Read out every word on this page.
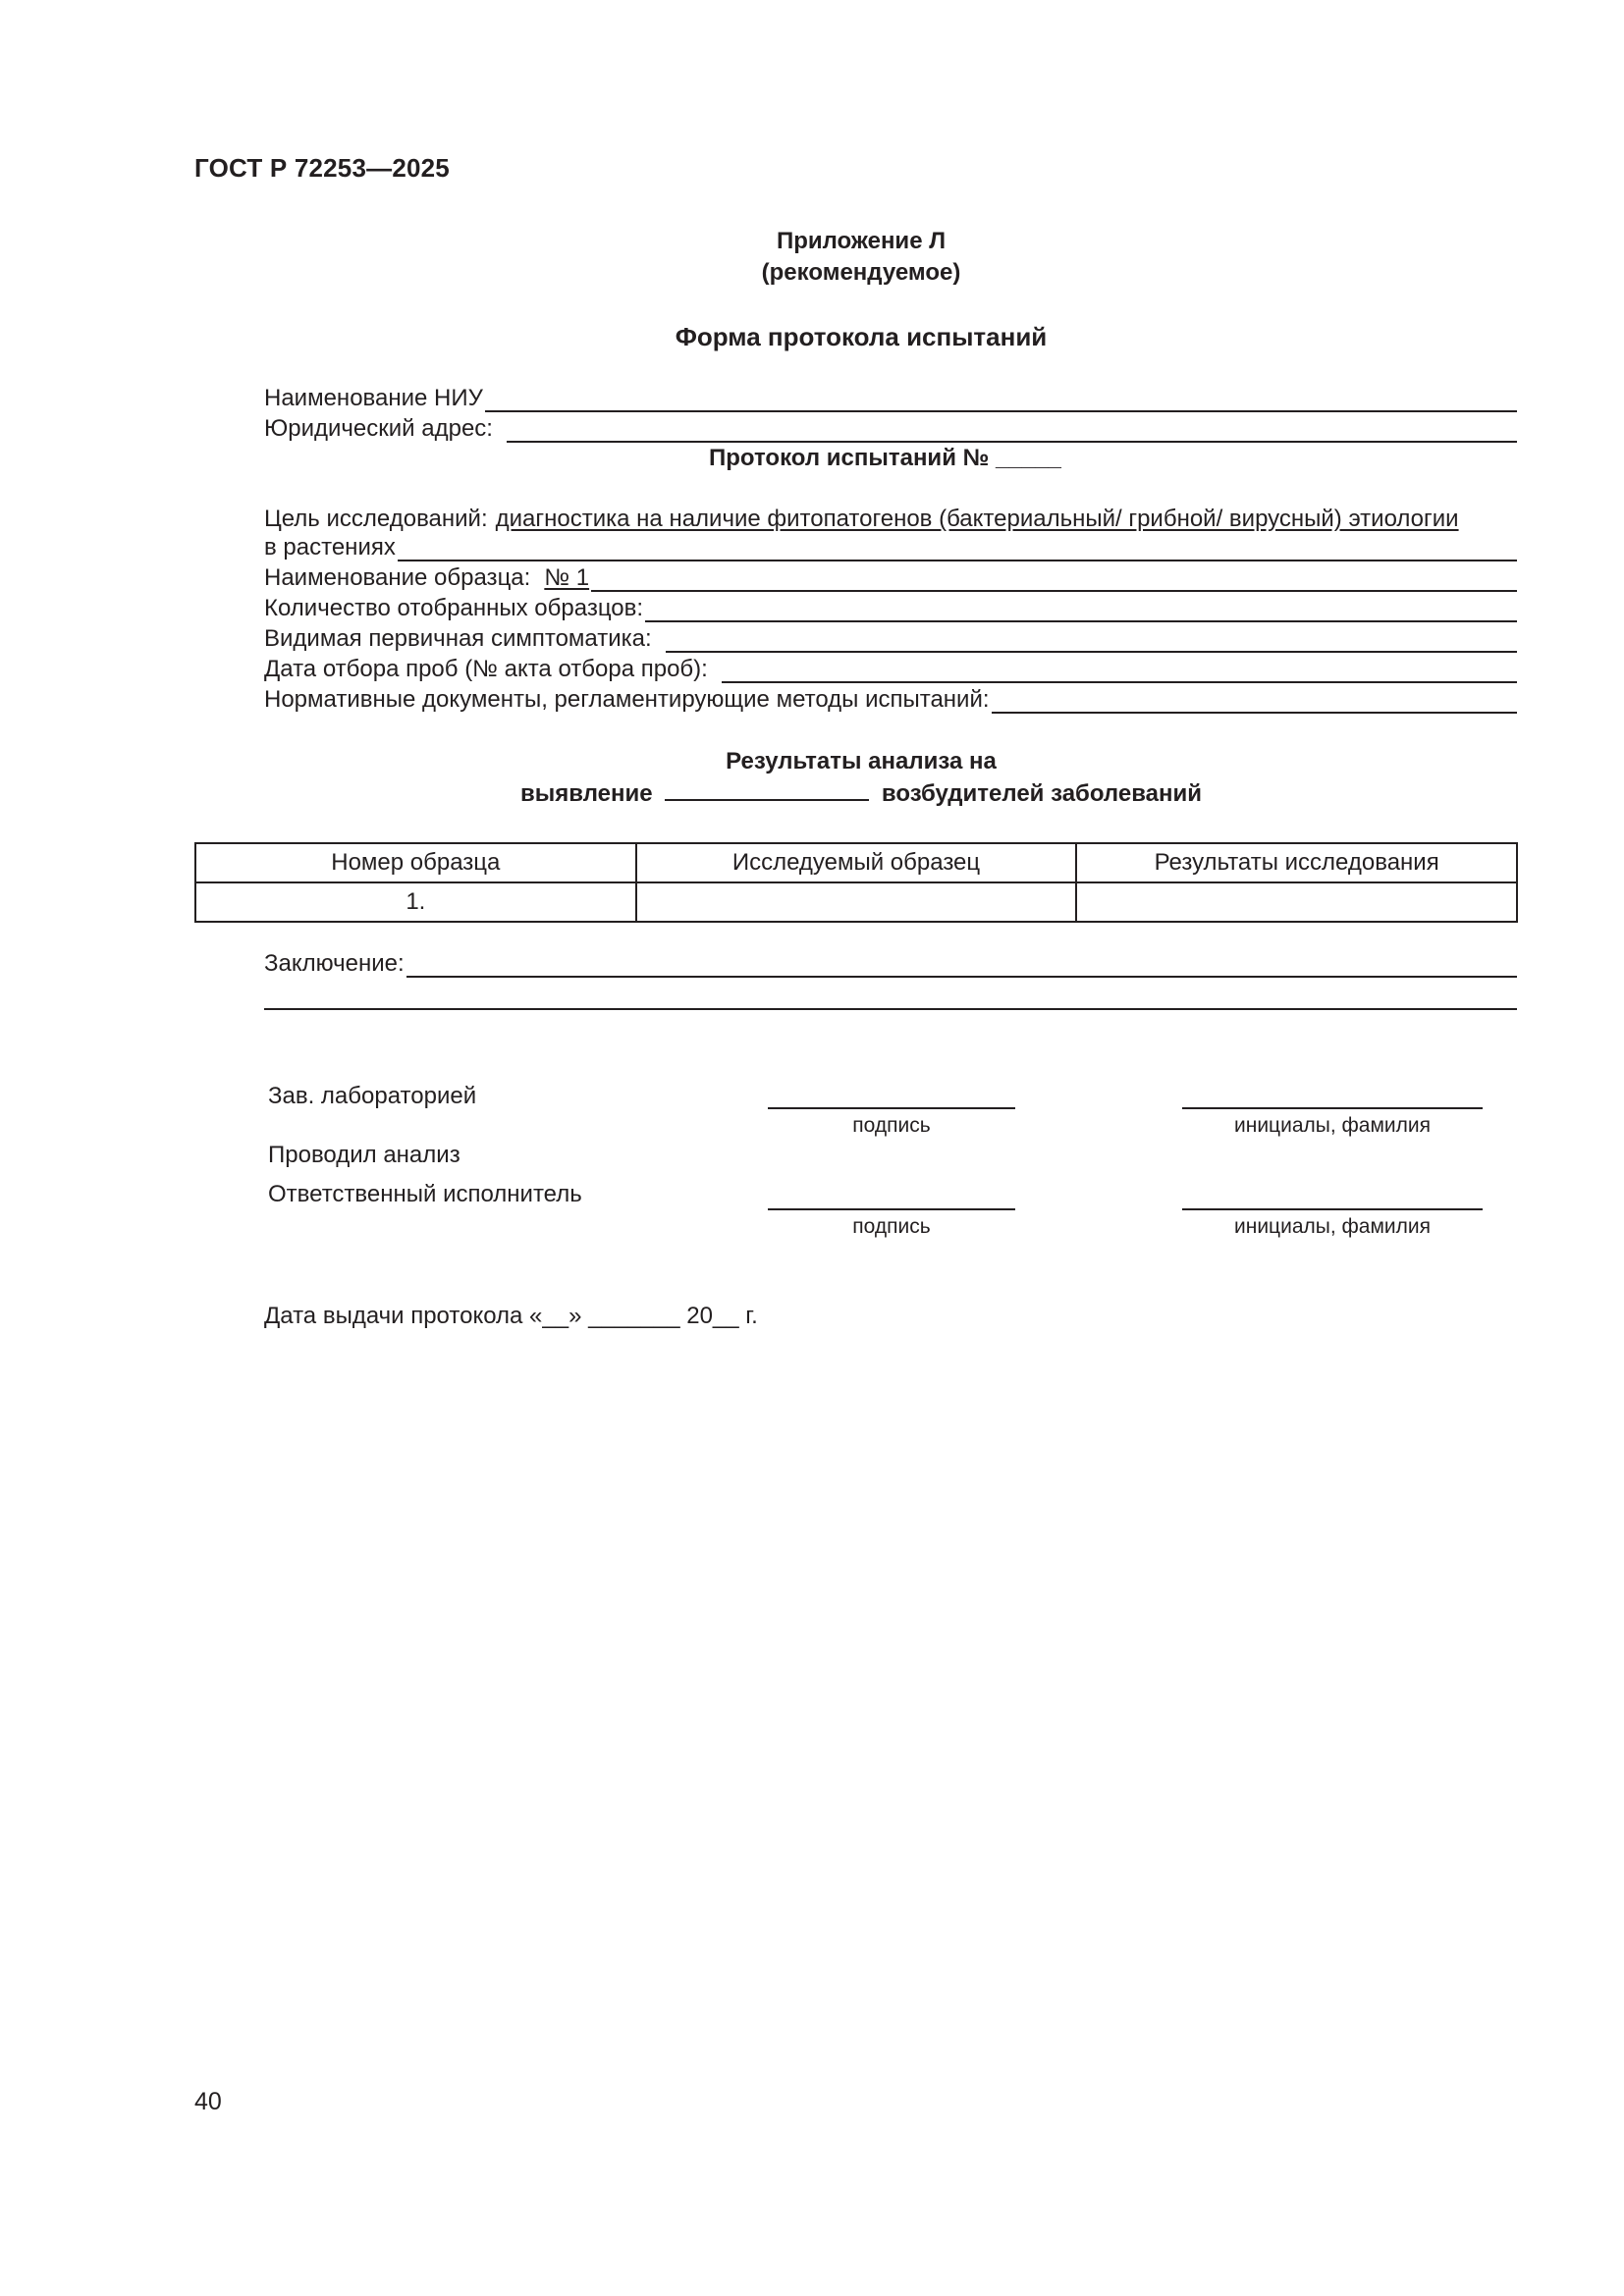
ГОСТ Р 72253—2025
Приложение Л
(рекомендуемое)
Форма протокола испытаний
Наименование НИУ
Юридический адрес:
Протокол испытаний № _____
Цель исследований: диагностика на наличие фитопатогенов (бактериальный/ грибной/ вирусный) этиологии
в растениях
Наименование образца: № 1
Количество отобранных образцов:
Видимая первичная симптоматика:
Дата отбора проб (№ акта отбора проб):
Нормативные документы, регламентирующие методы испытаний:
Результаты анализа на
выявление	возбудителей заболеваний
Номер образца	Исследуемый образец	Результаты исследования
1.		
Заключение:
Зав. лабораторией
подпись	инициалы, фамилия
Проводил анализ
Ответственный исполнитель
подпись	инициалы, фамилия
Дата выдачи протокола «__» _______ 20__ г.
40
